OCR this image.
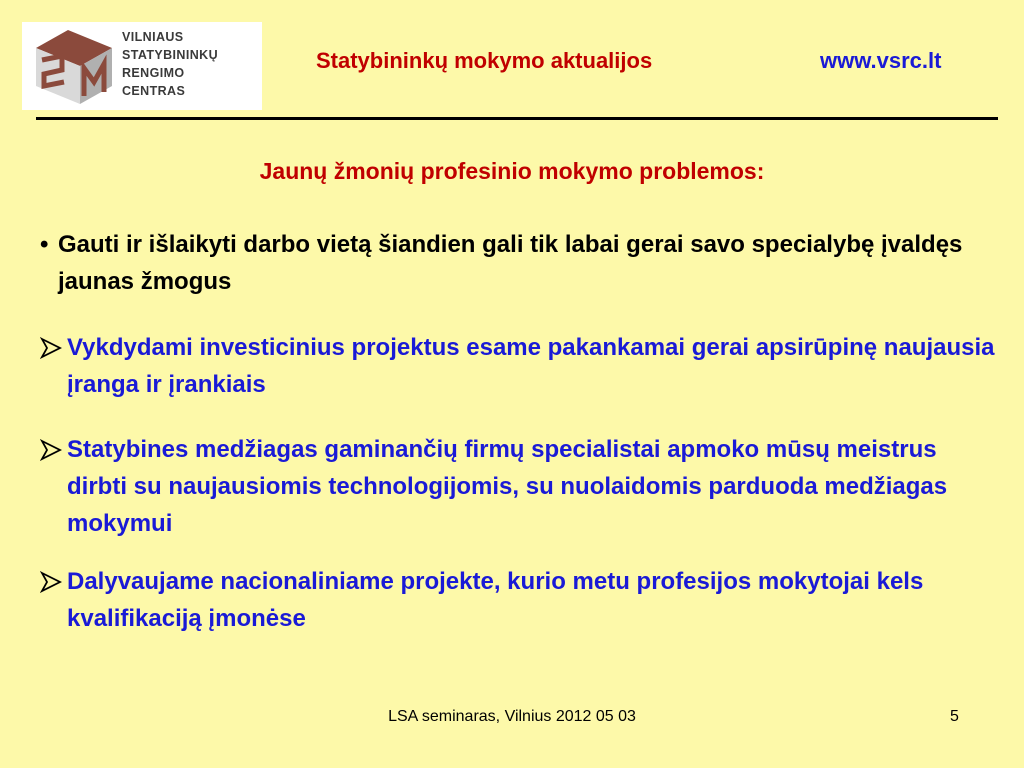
VILNIAUS
STATYBININKŲ
RENGIMO
CENTRAS
Statybininkų mokymo aktualijos	www.vsrc.lt
Jaunų žmonių profesinio mokymo problemos:
• Gauti ir išlaikyti darbo vietą šiandien gali tik labai gerai savo specialybę įvaldęs jaunas žmogus
Vykdydami investicinius projektus esame pakankamai gerai apsirūpinę naujausia įranga ir įrankiais
Statybines medžiagas gaminančių firmų specialistai apmoko mūsų meistrus dirbti su naujausiomis technologijomis, su nuolaidomis parduoda medžiagas mokymui
Dalyvaujame nacionaliniame projekte, kurio metu profesijos mokytojai kels kvalifikaciją įmonėse
LSA seminaras, Vilnius 2012 05 03	5
